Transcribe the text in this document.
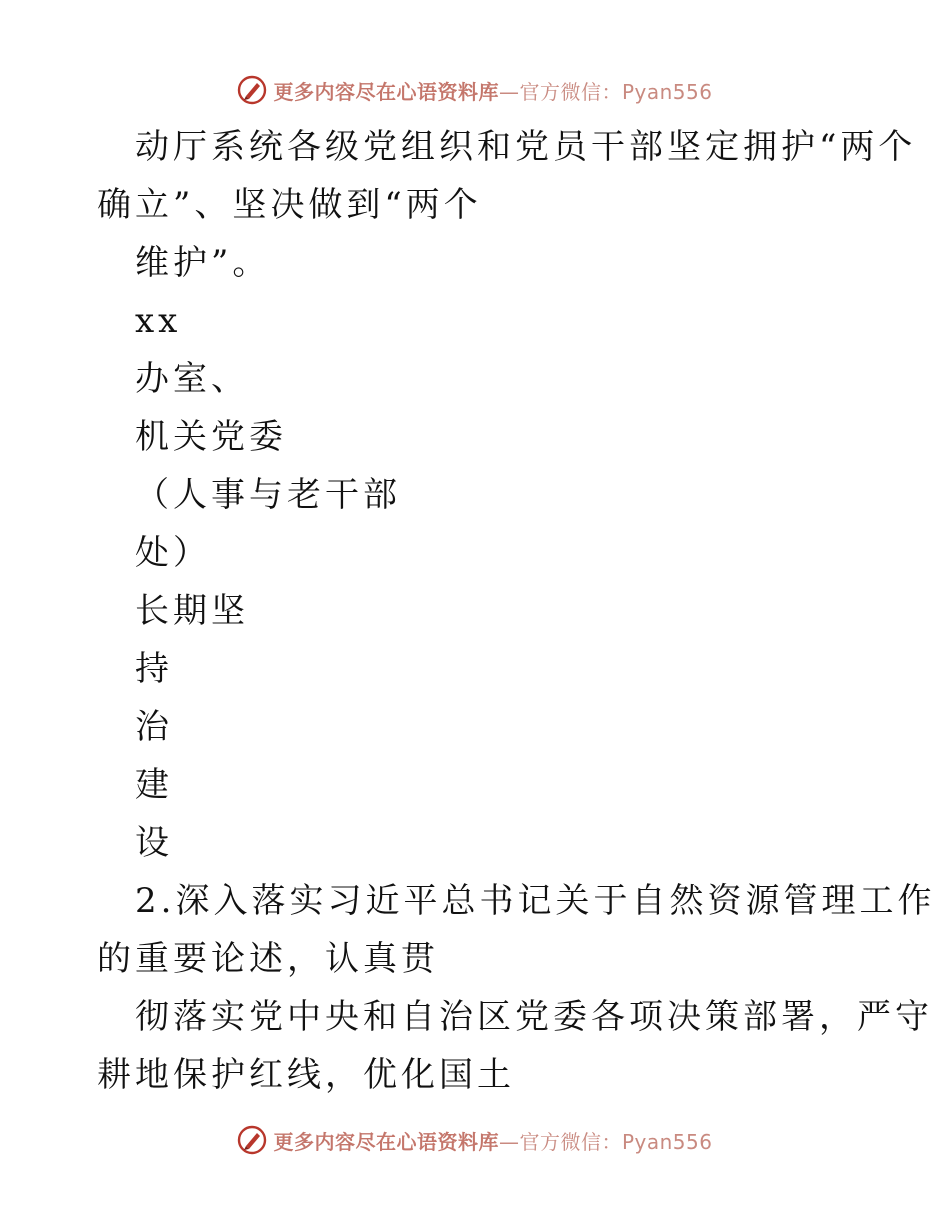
更多内容尽在心语资料库—官方微信：Pyan556
动厅系统各级党组织和党员干部坚定拥护“两个
确立”、坚决做到“两个
维护”。
xx
办室、
机关党委
（人事与老干部
处）
长期坚
持
治
建
设
2.深入落实习近平总书记关于自然资源管理工作
的重要论述，认真贯
彻落实党中央和自治区党委各项决策部署，严守
耕地保护红线，优化国土
更多内容尽在心语资料库—官方微信：Pyan556
